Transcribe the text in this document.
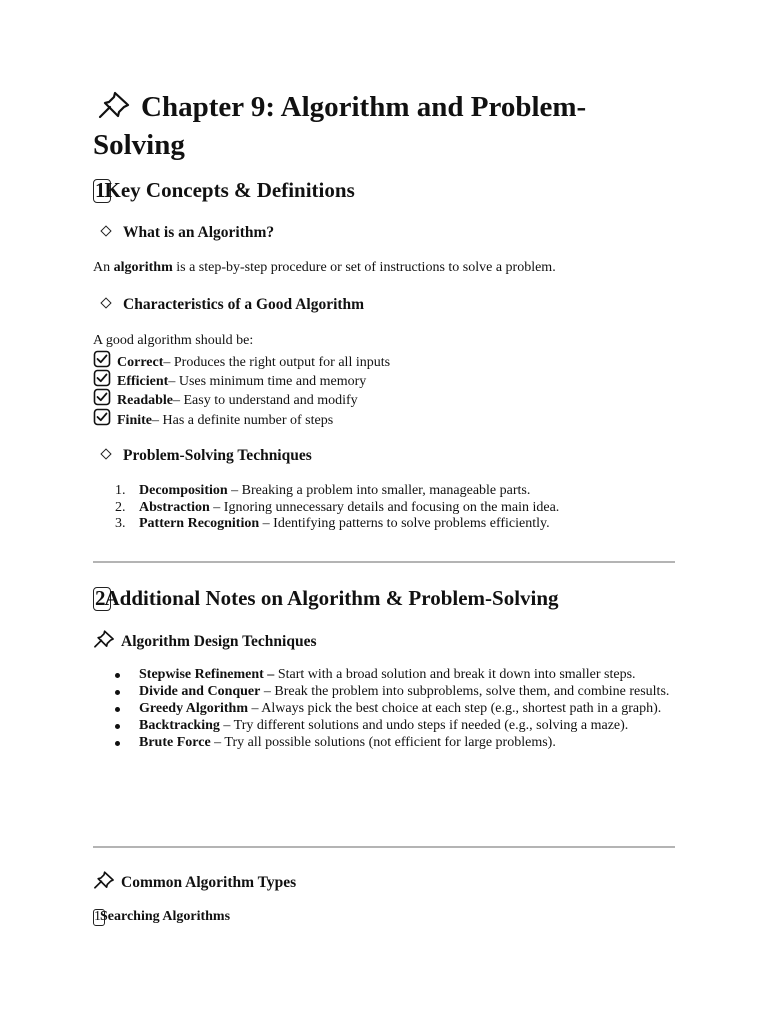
Chapter 9: Algorithm and Problem-Solving
1Key Concepts & Definitions
What is an Algorithm?
An algorithm is a step-by-step procedure or set of instructions to solve a problem.
Characteristics of a Good Algorithm
A good algorithm should be:
Correct – Produces the right output for all inputs
Efficient – Uses minimum time and memory
Readable – Easy to understand and modify
Finite – Has a definite number of steps
Problem-Solving Techniques
1. Decomposition – Breaking a problem into smaller, manageable parts.
2. Abstraction – Ignoring unnecessary details and focusing on the main idea.
3. Pattern Recognition – Identifying patterns to solve problems efficiently.
2Additional Notes on Algorithm & Problem-Solving
Algorithm Design Techniques
Stepwise Refinement – Start with a broad solution and break it down into smaller steps.
Divide and Conquer – Break the problem into subproblems, solve them, and combine results.
Greedy Algorithm – Always pick the best choice at each step (e.g., shortest path in a graph).
Backtracking – Try different solutions and undo steps if needed (e.g., solving a maze).
Brute Force – Try all possible solutions (not efficient for large problems).
Common Algorithm Types
1Searching Algorithms
